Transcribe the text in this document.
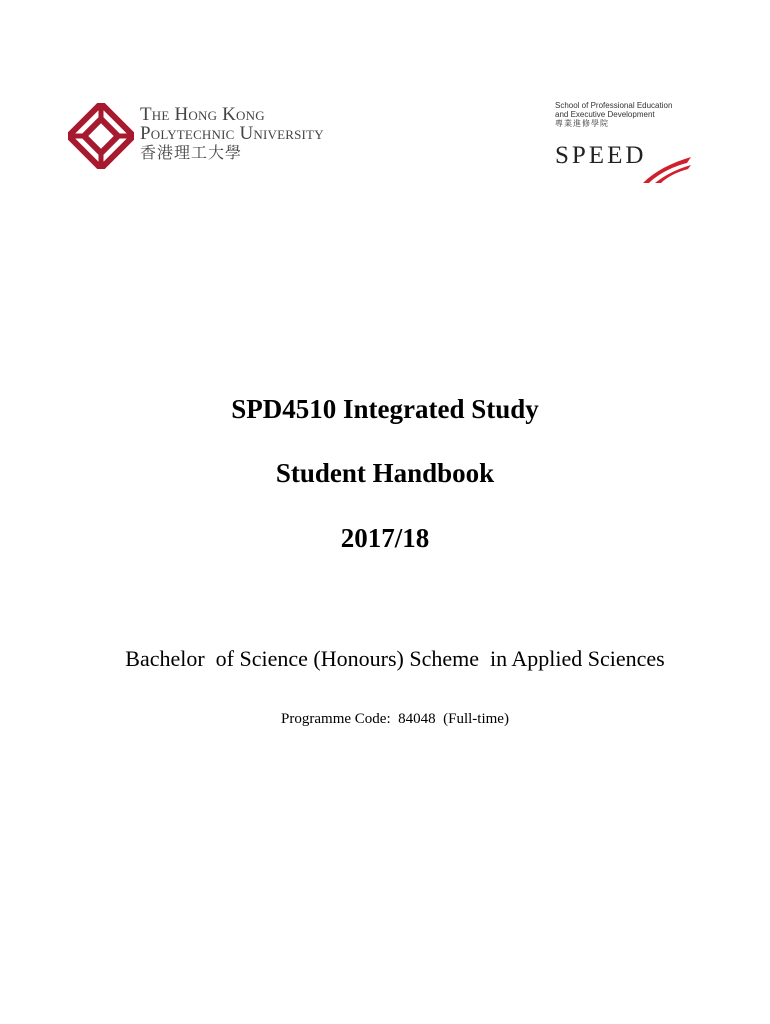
The Hong Kong
Polytechnic University
香港理工大學
School of Professional Education
and Executive Development
專業進修學院
SPEED
SPD4510 Integrated Study
Student Handbook
2017/18
Bachelor  of Science (Honours) Scheme  in Applied Sciences
Programme Code:  84048  (Full-time)
